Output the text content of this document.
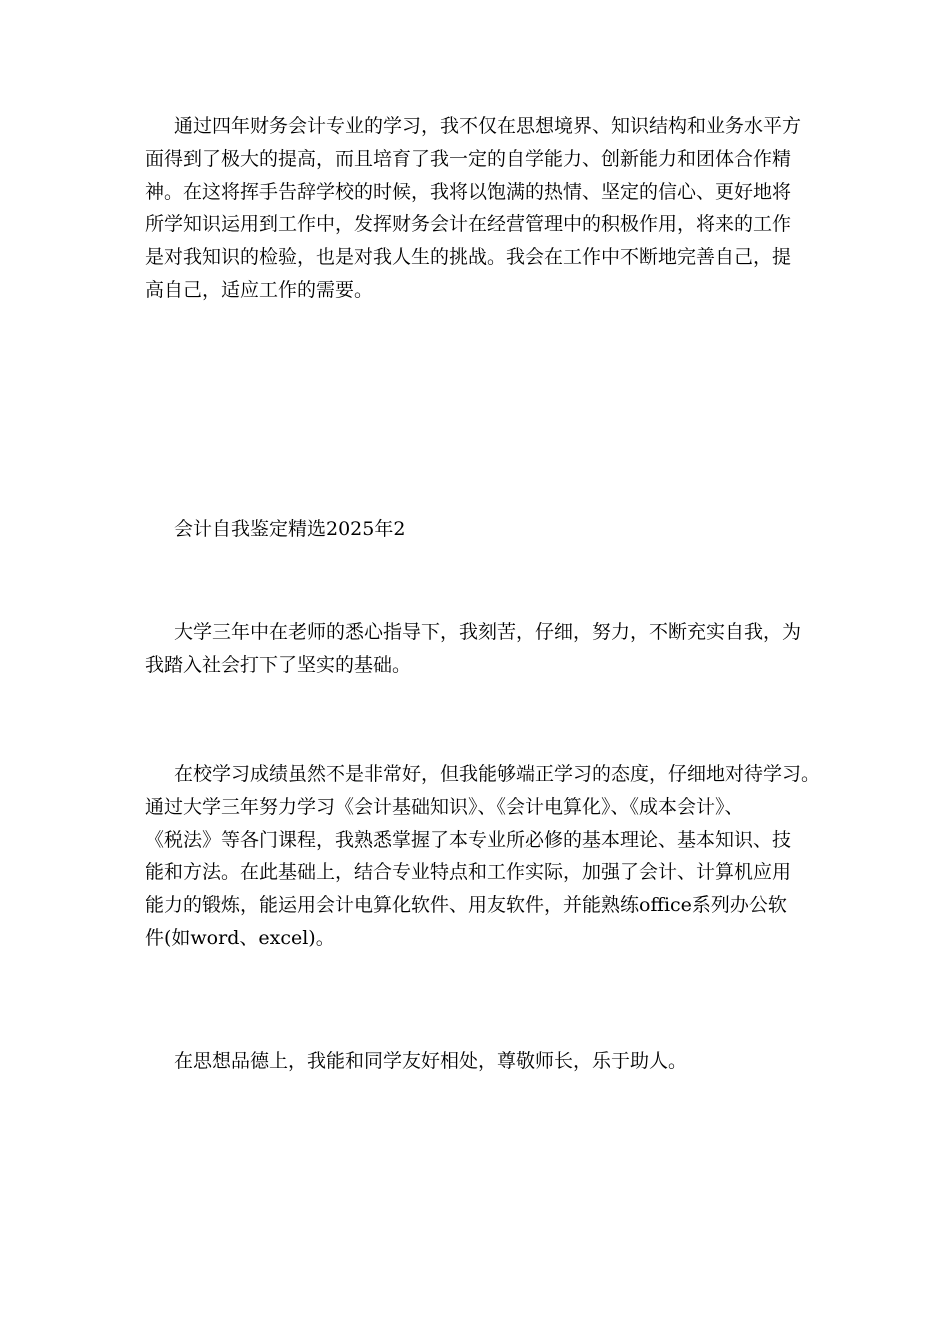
通过四年财务会计专业的学习，我不仅在思想境界、知识结构和业务水平方
面得到了极大的提高，而且培育了我一定的自学能力、创新能力和团体合作精
神。在这将挥手告辞学校的时候，我将以饱满的热情、坚定的信心、更好地将
所学知识运用到工作中，发挥财务会计在经营管理中的积极作用，将来的工作
是对我知识的检验，也是对我人生的挑战。我会在工作中不断地完善自己，提
高自己，适应工作的需要。
会计自我鉴定精选2025年2
大学三年中在老师的悉心指导下，我刻苦，仔细，努力，不断充实自我，为
我踏入社会打下了坚实的基础。
在校学习成绩虽然不是非常好，但我能够端正学习的态度，仔细地对待学习。
通过大学三年努力学习《会计基础知识》、《会计电算化》、《成本会计》、
《税法》等各门课程，我熟悉掌握了本专业所必修的基本理论、基本知识、技
能和方法。在此基础上，结合专业特点和工作实际，加强了会计、计算机应用
能力的锻炼，能运用会计电算化软件、用友软件，并能熟练office系列办公软
件(如word、excel)。
在思想品德上，我能和同学友好相处，尊敬师长，乐于助人。
